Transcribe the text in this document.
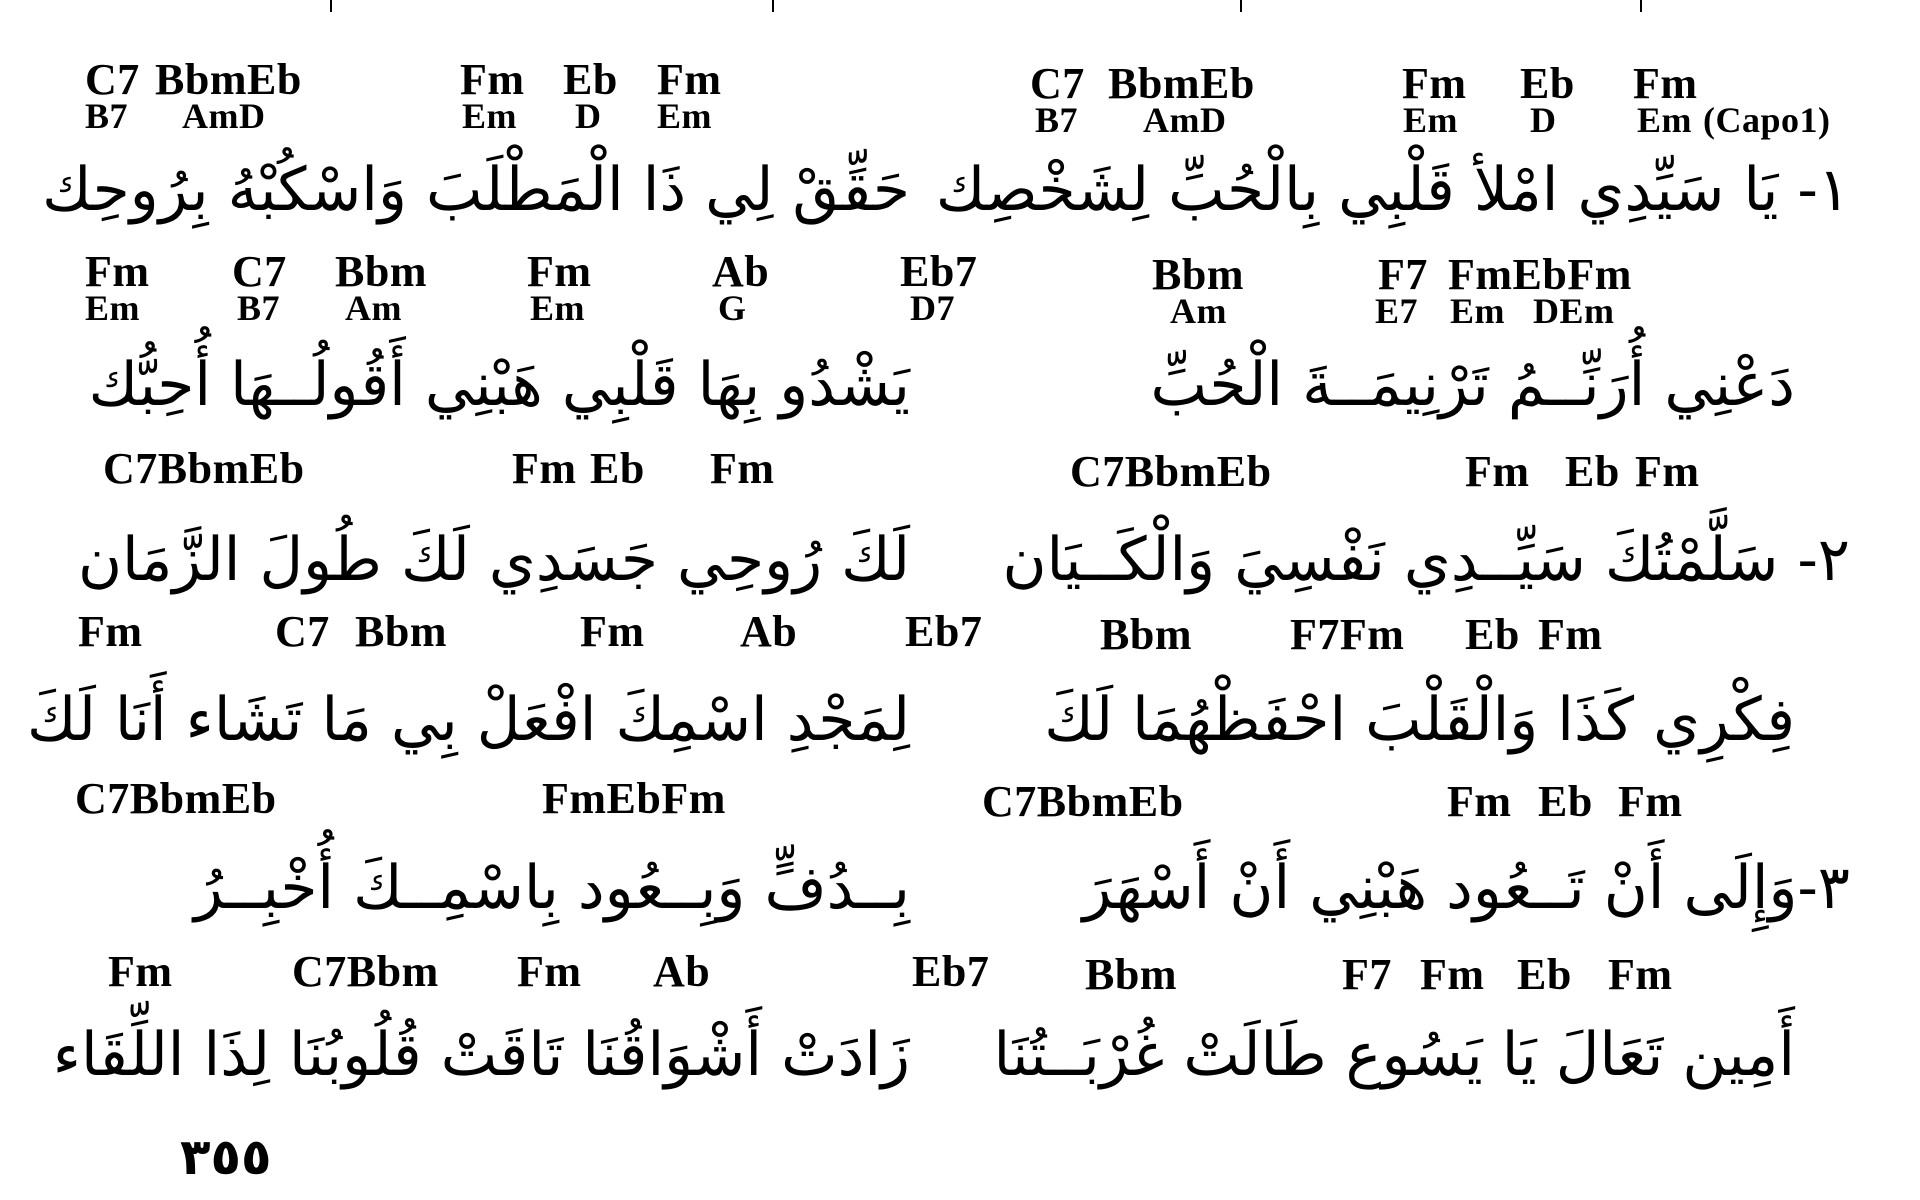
C7 BbmEb	Fm Eb Fm	C7 BbmEb	Fm Eb Fm
B7 AmD	Em D Em	B7 AmD	Em D Em (Capo1)
١- يَا سَيِّدِي امْلأ قَلْبِي بِالْحُبِّ لِشَخْصِك
حَقِّقْ لِي ذَا الْمَطْلَبَ وَاسْكُبْهُ بِرُوحِك
Fm C7 Bbm Fm	Ab	Eb7	Bbm	F7 FmEbFm
Em	B7 Am	Em	G	D7	Am	E7 Em DEm
دَعْنِي أُرَنِّــمُ تَرْنِيمَــةَ الْحُبِّ
يَشْدُو بِهَا قَلْبِي هَبْنِي أَقُولُــهَا أُحِبُّك
C7BbmEb	Fm Eb Fm	C7BbmEb	Fm Eb Fm
٢- سَلَّمْتُكَ سَيِّــدِي نَفْسِيَ وَالْكَــيَان
لَكَ رُوحِي جَسَدِي لَكَ طُولَ الزَّمَان
Fm	C7 Bbm	Fm Ab Eb7	Bbm F7Fm Eb Fm
فِكْرِي كَذَا وَالْقَلْبَ احْفَظْهُمَا لَكَ
لِمَجْدِ اسْمِكَ افْعَلْ بِي مَا تَشَاء أَنَا لَكَ
C7BbmEb	FmEbFm	C7BbmEb	Fm Eb Fm
٣-وَإِلَى أَنْ تَــعُود هَبْنِي أَنْ أَسْهَرَ
بِــدُفٍّ وَبِــعُود بِاسْمِــكَ أُخْبِــرُ
Fm	C7Bbm Fm Ab	Eb7 Bbm	F7 Fm Eb Fm
أَمِين تَعَالَ يَا يَسُوع طَالَتْ غُرْبَــتُنَا
زَادَتْ أَشْوَاقُنَا تَاقَتْ قُلُوبُنَا لِذَا اللِّقَاء
٣٥٥
